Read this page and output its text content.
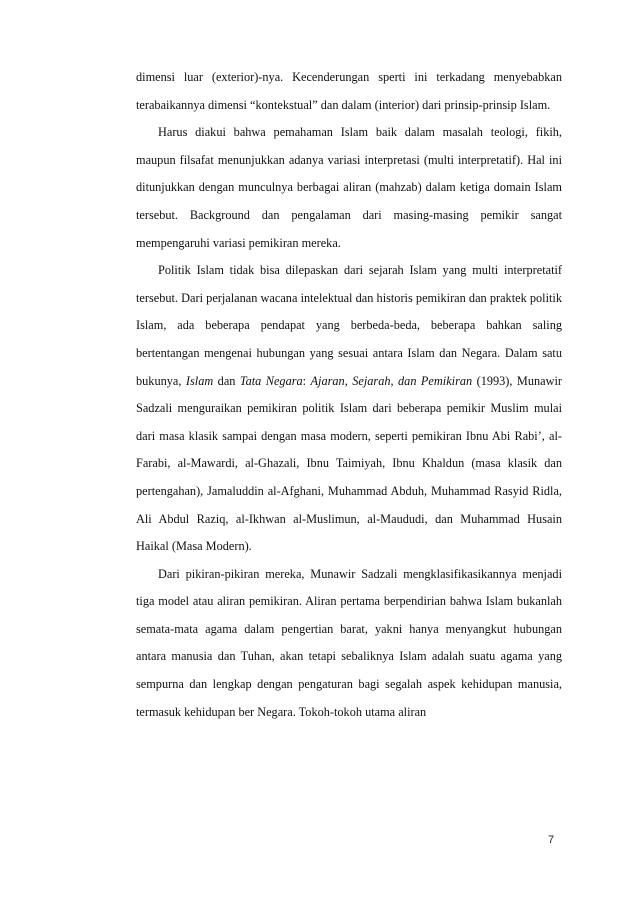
dimensi luar (exterior)-nya. Kecenderungan sperti ini terkadang menyebabkan terabaikannya dimensi “kontekstual” dan dalam (interior) dari prinsip-prinsip Islam.

Harus diakui bahwa pemahaman Islam baik dalam masalah teologi, fikih, maupun filsafat menunjukkan adanya variasi interpretasi (multi interpretatif). Hal ini ditunjukkan dengan munculnya berbagai aliran (mahzab) dalam ketiga domain Islam tersebut. Background dan pengalaman dari masing-masing pemikir sangat mempengaruhi variasi pemikiran mereka.

Politik Islam tidak bisa dilepaskan dari sejarah Islam yang multi interpretatif tersebut. Dari perjalanan wacana intelektual dan historis pemikiran dan praktek politik Islam, ada beberapa pendapat yang berbeda-beda, beberapa bahkan saling bertentangan mengenai hubungan yang sesuai antara Islam dan Negara. Dalam satu bukunya, Islam dan Tata Negara: Ajaran, Sejarah, dan Pemikiran (1993), Munawir Sadzali menguraikan pemikiran politik Islam dari beberapa pemikir Muslim mulai dari masa klasik sampai dengan masa modern, seperti pemikiran Ibnu Abi Rabi’, al-Farabi, al-Mawardi, al-Ghazali, Ibnu Taimiyah, Ibnu Khaldun (masa klasik dan pertengahan), Jamaluddin al-Afghani, Muhammad Abduh, Muhammad Rasyid Ridla, Ali Abdul Raziq, al-Ikhwan al-Muslimun, al-Maududi, dan Muhammad Husain Haikal (Masa Modern).

Dari pikiran-pikiran mereka, Munawir Sadzali mengklasifikasikannya menjadi tiga model atau aliran pemikiran. Aliran pertama berpendirian bahwa Islam bukanlah semata-mata agama dalam pengertian barat, yakni hanya menyangkut hubungan antara manusia dan Tuhan, akan tetapi sebaliknya Islam adalah suatu agama yang sempurna dan lengkap dengan pengaturan bagi segalah aspek kehidupan manusia, termasuk kehidupan ber Negara. Tokoh-tokoh utama aliran

7
